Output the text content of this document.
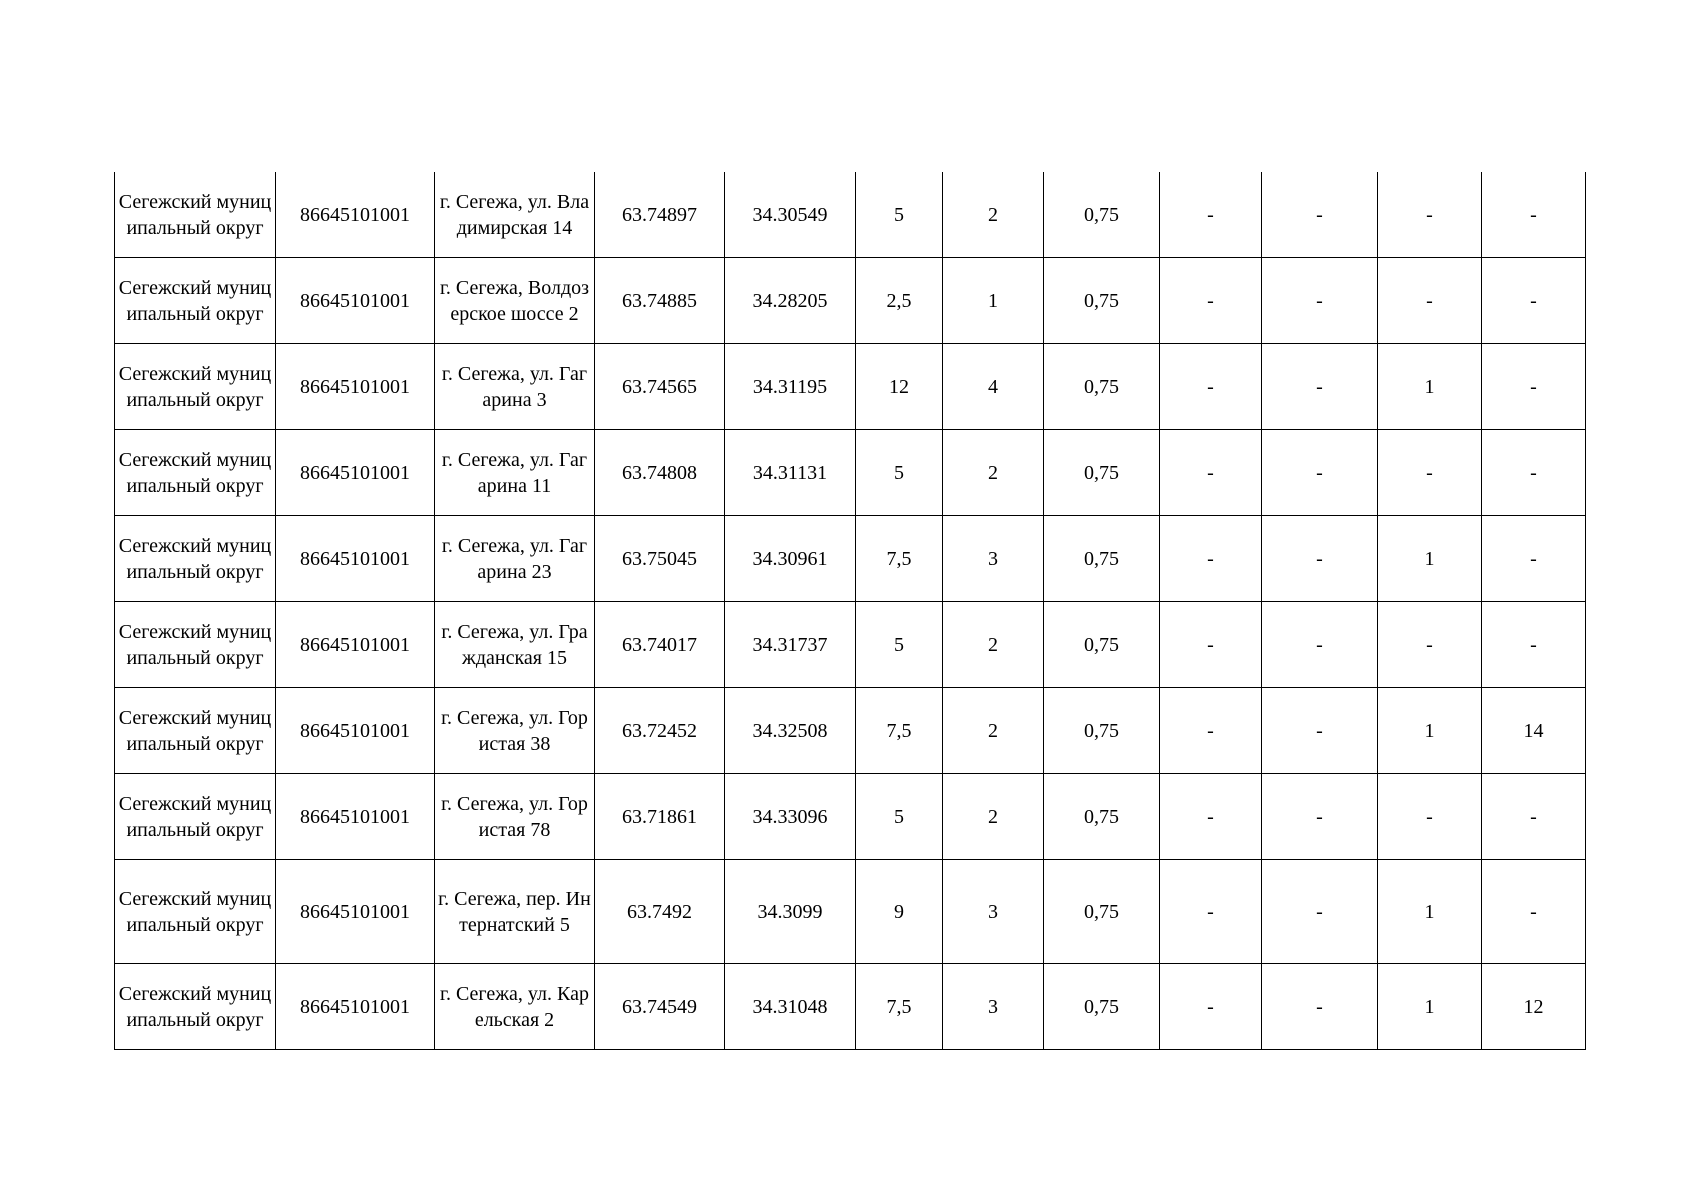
Сегежский муниципальный округ	86645101001	г. Сегежа, ул. Владимирская 14	63.74897	34.30549	5	2	0,75	-	-	-	-
Сегежский муниципальный округ	86645101001	г. Сегежа, Волдозерское шоссе 2	63.74885	34.28205	2,5	1	0,75	-	-	-	-
Сегежский муниципальный округ	86645101001	г. Сегежа, ул. Гагарина 3	63.74565	34.31195	12	4	0,75	-	-	1	-
Сегежский муниципальный округ	86645101001	г. Сегежа, ул. Гагарина 11	63.74808	34.31131	5	2	0,75	-	-	-	-
Сегежский муниципальный округ	86645101001	г. Сегежа, ул. Гагарина 23	63.75045	34.30961	7,5	3	0,75	-	-	1	-
Сегежский муниципальный округ	86645101001	г. Сегежа, ул. Гражданская 15	63.74017	34.31737	5	2	0,75	-	-	-	-
Сегежский муниципальный округ	86645101001	г. Сегежа, ул. Гористая 38	63.72452	34.32508	7,5	2	0,75	-	-	1	14
Сегежский муниципальный округ	86645101001	г. Сегежа, ул. Гористая 78	63.71861	34.33096	5	2	0,75	-	-	-	-
Сегежский муниципальный округ	86645101001	г. Сегежа, пер. Интернатский 5	63.7492	34.3099	9	3	0,75	-	-	1	-
Сегежский муниципальный округ	86645101001	г. Сегежа, ул. Карельская 2	63.74549	34.31048	7,5	3	0,75	-	-	1	12
